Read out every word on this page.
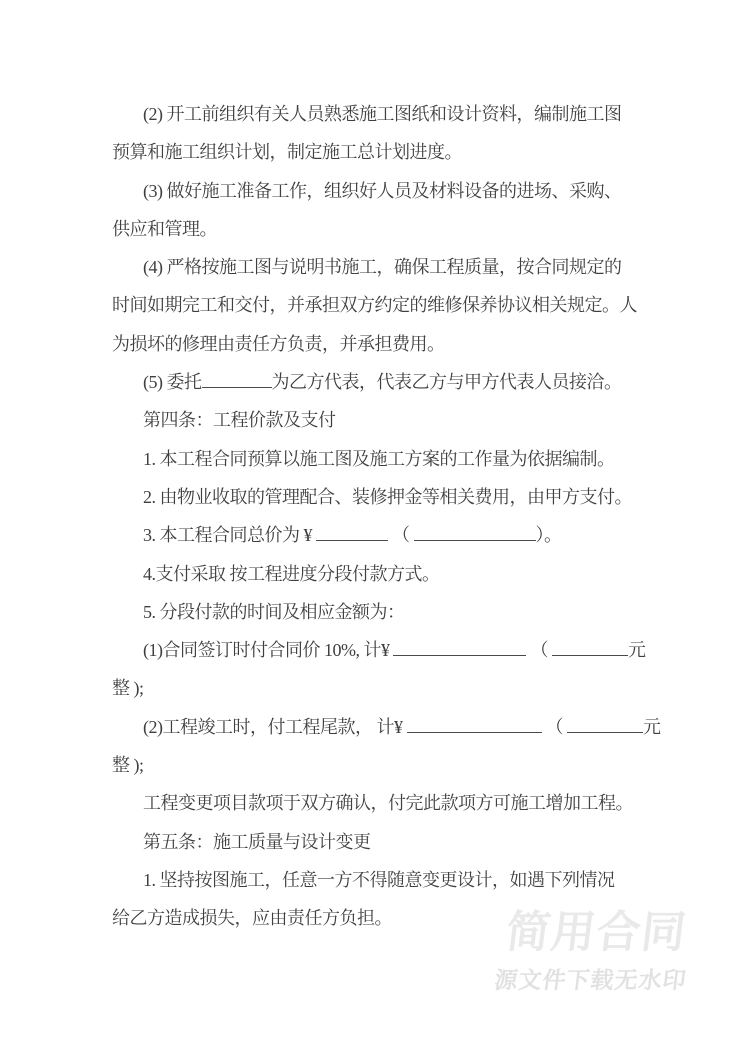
(2) 开工前组织有关人员熟悉施工图纸和设计资料，编制施工图
预算和施工组织计划，制定施工总计划进度。
(3) 做好施工准备工作，组织好人员及材料设备的进场、采购、
供应和管理。
(4) 严格按施工图与说明书施工，确保工程质量，按合同规定的
时间如期完工和交付，并承担双方约定的维修保养协议相关规定。人
为损坏的修理由责任方负责，并承担费用。
(5) 委托	为乙方代表，代表乙方与甲方代表人员接洽。
第四条：工程价款及支付
1. 本工程合同预算以施工图及施工方案的工作量为依据编制。
2. 由物业收取的管理配合、装修押金等相关费用，由甲方支付。
3. 本工程合同总价为 ¥	（	）。
4.支付采取 按工程进度分段付款方式。
5. 分段付款的时间及相应金额为：
(1)合同签订时付合同价 10%, 计¥	（	元
整 );
(2)工程竣工时，付工程尾款， 计¥	（	元
整 );
工程变更项目款项于双方确认，付完此款项方可施工增加工程。
第五条：施工质量与设计变更
1. 坚持按图施工，任意一方不得随意变更设计，如遇下列情况
给乙方造成损失，应由责任方负担。	简用合同
源文件下载无水印
